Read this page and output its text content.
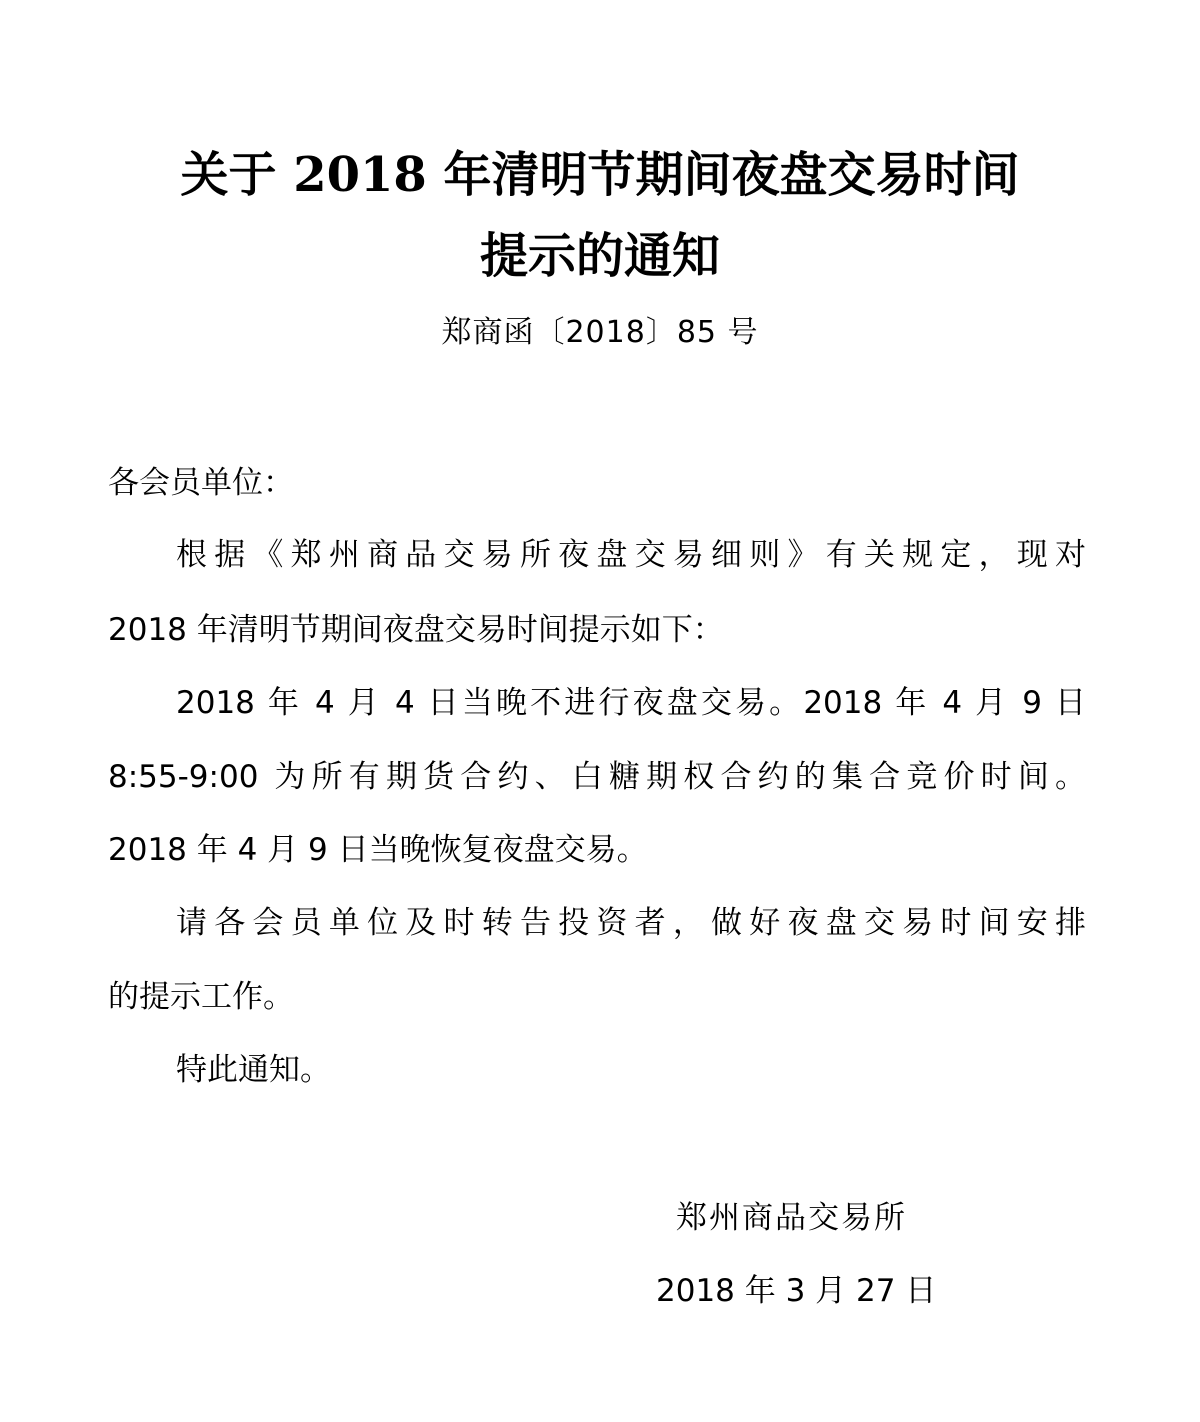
关于 2018 年清明节期间夜盘交易时间
提示的通知
郑商函〔2018〕85 号
各会员单位：
根据《郑州商品交易所夜盘交易细则》有关规定，现对
2018 年清明节期间夜盘交易时间提示如下：
2018 年 4 月 4 日当晚不进行夜盘交易。2018 年 4 月 9 日
8:55-9:00 为所有期货合约、白糖期权合约的集合竞价时间。
2018 年 4 月 9 日当晚恢复夜盘交易。
请各会员单位及时转告投资者，做好夜盘交易时间安排
的提示工作。
特此通知。
郑州商品交易所
2018 年 3 月 27 日
